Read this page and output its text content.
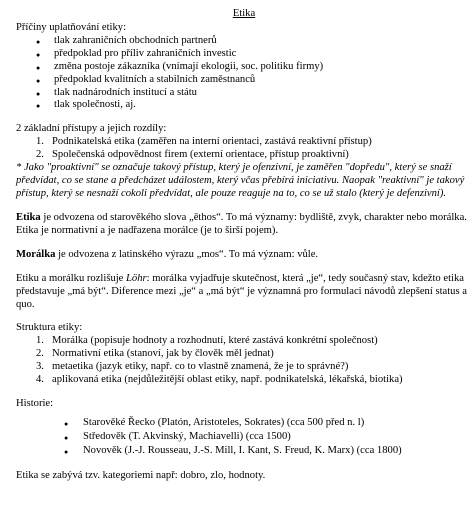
Etika

Příčiny uplatňování etiky:

● tlak zahraničních obchodních partnerů
● předpoklad pro příliv zahraničních investic
● změna postoje zákazníka (vnímají ekologii, soc. politiku firmy)
● předpoklad kvalitních a stabilních zaměstnanců
● tlak nadnárodních institucí a státu
● tlak společnosti, aj.

2 základní přístupy a jejich rozdíly:

1. Podnikatelská etika (zaměřen na interní orientaci, zastává reaktivní přístup)
2. Společenská odpovědnost firem (externí orientace, přístup proaktivní)

* Jako "proaktivní" se označuje takový přístup, který je ofenzivní, je zaměřen "dopředu", který se snaží předvídat, co se stane a předcházet událostem, který včas přebírá iniciativu. Naopak "reaktivní" je takový přístup, který se nesnaží cokoli předvídat, ale pouze reaguje na to, co se už stalo (který je defenzivní).

Etika je odvozena od starověkého slova „ēthos“. To má významy: bydliště, zvyk, charakter nebo morálka.

Etika je normativní a je nadřazena morálce (je to širší pojem).

Morálka je odvozena z latinského výrazu „mos“. To má význam: vůle.

Etiku a morálku rozlišuje Löhr: morálka vyjadřuje skutečnost, která „je“, tedy současný stav, kdežto etika představuje „má být“. Diference mezi „je“ a „má být“ je významná pro formulaci návodů zlepšení status a quo.

Struktura etiky:

1. Morálka (popisuje hodnoty a rozhodnutí, které zastává konkrétní společnost)
2. Normativní etika (stanoví, jak by člověk měl jednat)
3. metaetika (jazyk etiky, např. co to vlastně znamená, že je to správné?)
4. aplikovaná etika (nejdůležitější oblast etiky, např. podnikatelská, lékařská, biotika)

Historie:

● Starověké Řecko (Platón, Aristoteles, Sokrates) (cca 500 před n. l)
● Středověk (T. Akvinský, Machiavelli) (cca 1500)
● Novověk (J.-J. Rousseau, J.-S. Mill, I. Kant, S. Freud, K. Marx) (cca 1800)

Etika se zabývá tzv. kategoriemi např: dobro, zlo, hodnoty.
